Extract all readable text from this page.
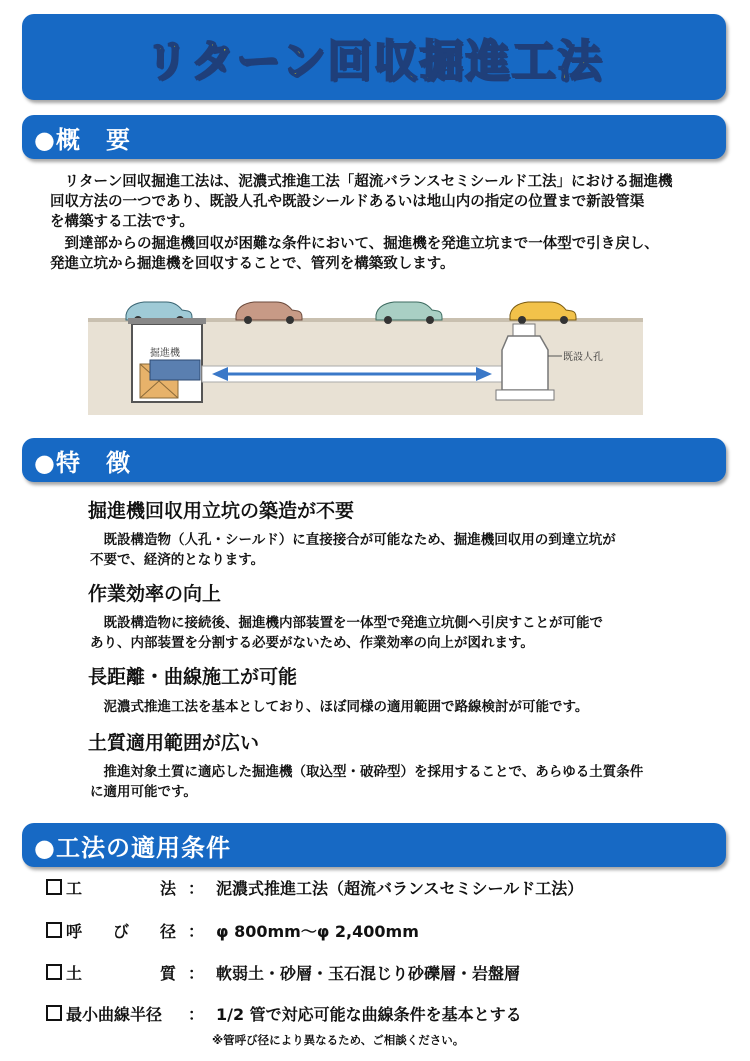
リターン回収掘進工法
●概　要
　リターン回収掘進工法は、泥濃式推進工法「超流バランスセミシールド工法」における掘進機
回収方法の一つであり、既設人孔や既設シールドあるいは地山内の指定の位置まで新設管渠
を構築する工法です。
　到達部からの掘進機回収が困難な条件において、掘進機を発進立坑まで一体型で引き戻し、
発進立坑から掘進機を回収することで、管列を構築致します。
掘進機	既設人孔
●特　徴
掘進機回収用立坑の築造が不要
　既設構造物（人孔・シールド）に直接接合が可能なため、掘進機回収用の到達立坑が
不要で、経済的となります。
作業効率の向上
　既設構造物に接続後、掘進機内部装置を一体型で発進立坑側へ引戻すことが可能で
あり、内部装置を分割する必要がないため、作業効率の向上が図れます。
長距離・曲線施工が可能
　泥濃式推進工法を基本としており、ほぼ同様の適用範囲で路線検討が可能です。
土質適用範囲が広い
　推進対象土質に適応した掘進機（取込型・破砕型）を採用することで、あらゆる土質条件
に適用可能です。
●工法の適用条件
工	法 ： 泥濃式推進工法（超流バランスセミシールド工法）
呼 び 径 ： φ 800mm～φ 2,400mm
土	質 ： 軟弱土・砂層・玉石混じり砂礫層・岩盤層
最小曲線半径	： 1/2 管で対応可能な曲線条件を基本とする
※管呼び径により異なるため、ご相談ください。
